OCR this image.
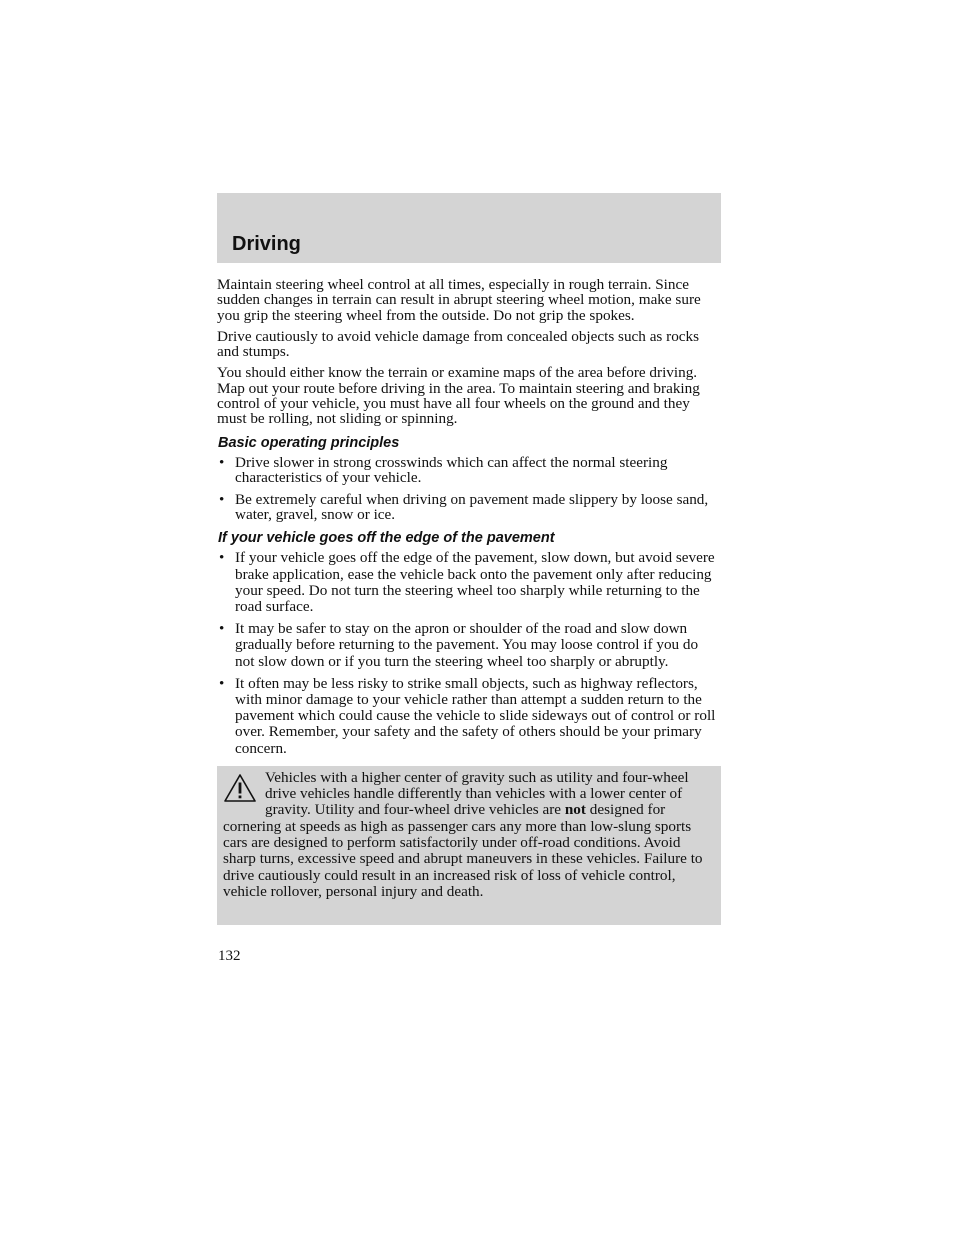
Driving

Maintain steering wheel control at all times, especially in rough terrain. Since sudden changes in terrain can result in abrupt steering wheel motion, make sure you grip the steering wheel from the outside. Do not grip the spokes.

Drive cautiously to avoid vehicle damage from concealed objects such as rocks and stumps.

You should either know the terrain or examine maps of the area before driving. Map out your route before driving in the area. To maintain steering and braking control of your vehicle, you must have all four wheels on the ground and they must be rolling, not sliding or spinning.

Basic operating principles
• Drive slower in strong crosswinds which can affect the normal steering characteristics of your vehicle.
• Be extremely careful when driving on pavement made slippery by loose sand, water, gravel, snow or ice.
If your vehicle goes off the edge of the pavement
• If your vehicle goes off the edge of the pavement, slow down, but avoid severe brake application, ease the vehicle back onto the pavement only after reducing your speed. Do not turn the steering wheel too sharply while returning to the road surface.
• It may be safer to stay on the apron or shoulder of the road and slow down gradually before returning to the pavement. You may loose control if you do not slow down or if you turn the steering wheel too sharply or abruptly.
• It often may be less risky to strike small objects, such as highway reflectors, with minor damage to your vehicle rather than attempt a sudden return to the pavement which could cause the vehicle to slide sideways out of control or roll over. Remember, your safety and the safety of others should be your primary concern.
Vehicles with a higher center of gravity such as utility and four-wheel drive vehicles handle differently than vehicles with a lower center of gravity. Utility and four-wheel drive vehicles are not designed for cornering at speeds as high as passenger cars any more than low-slung sports cars are designed to perform satisfactorily under off-road conditions. Avoid sharp turns, excessive speed and abrupt maneuvers in these vehicles. Failure to drive cautiously could result in an increased risk of loss of vehicle control, vehicle rollover, personal injury and death.
132
